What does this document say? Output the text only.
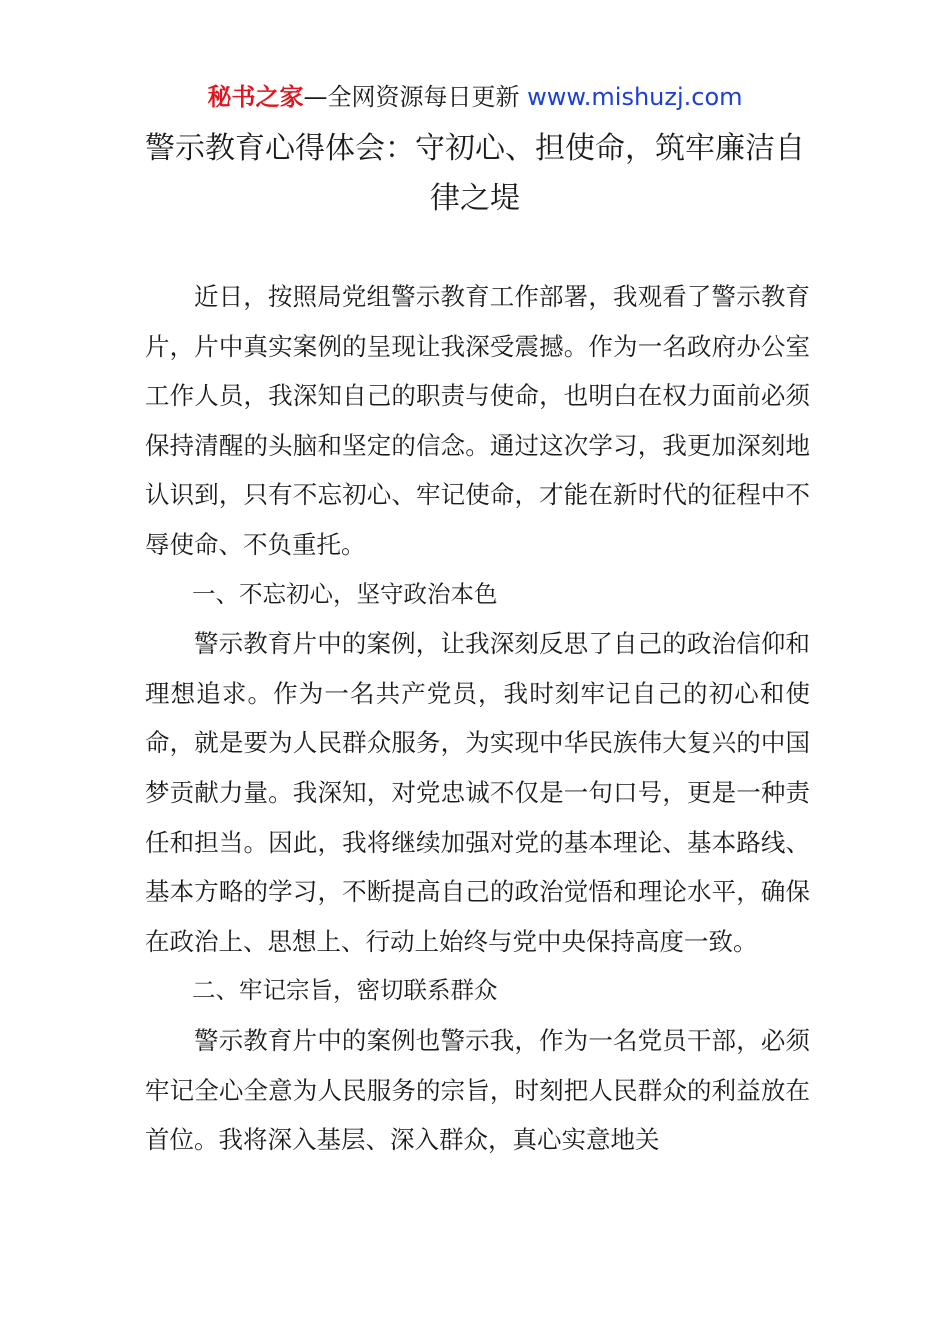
秘书之家—全网资源每日更新 www.mishuzj.com
警示教育心得体会：守初心、担使命，筑牢廉洁自律之堤

近日，按照局党组警示教育工作部署，我观看了警示教育片，片中真实案例的呈现让我深受震撼。作为一名政府办公室工作人员，我深知自己的职责与使命，也明白在权力面前必须保持清醒的头脑和坚定的信念。通过这次学习，我更加深刻地认识到，只有不忘初心、牢记使命，才能在新时代的征程中不辱使命、不负重托。

一、不忘初心，坚守政治本色

警示教育片中的案例，让我深刻反思了自己的政治信仰和理想追求。作为一名共产党员，我时刻牢记自己的初心和使命，就是要为人民群众服务，为实现中华民族伟大复兴的中国梦贡献力量。我深知，对党忠诚不仅是一句口号，更是一种责任和担当。因此，我将继续加强对党的基本理论、基本路线、基本方略的学习，不断提高自己的政治觉悟和理论水平，确保在政治上、思想上、行动上始终与党中央保持高度一致。

二、牢记宗旨，密切联系群众

警示教育片中的案例也警示我，作为一名党员干部，必须牢记全心全意为人民服务的宗旨，时刻把人民群众的利益放在首位。我将深入基层、深入群众，真心实意地关
